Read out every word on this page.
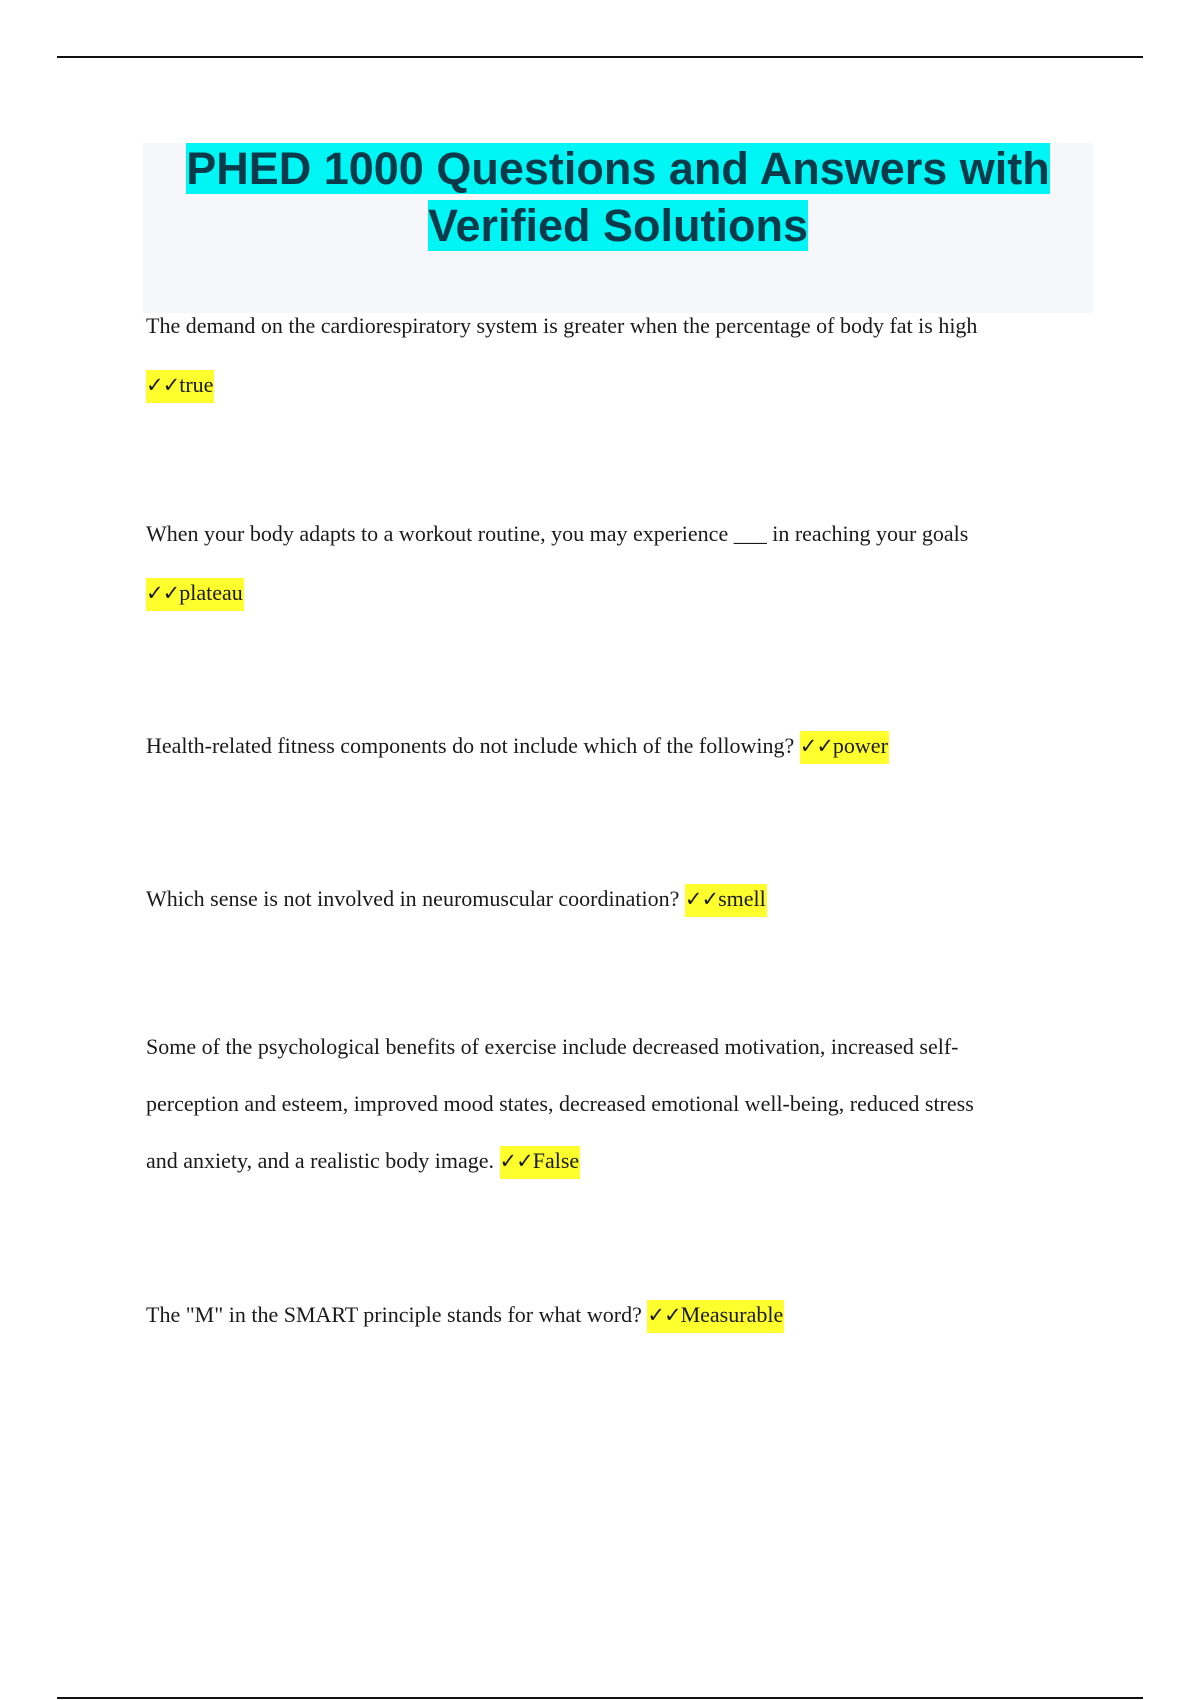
PHED 1000 Questions and Answers with
Verified Solutions
The demand on the cardiorespiratory system is greater when the percentage of body fat is high
✓✓true
When your body adapts to a workout routine, you may experience ___ in reaching your goals
✓✓plateau
Health-related fitness components do not include which of the following? ✓✓power
Which sense is not involved in neuromuscular coordination? ✓✓smell
Some of the psychological benefits of exercise include decreased motivation, increased self-
perception and esteem, improved mood states, decreased emotional well-being, reduced stress
and anxiety, and a realistic body image. ✓✓False
The "M" in the SMART principle stands for what word? ✓✓Measurable
